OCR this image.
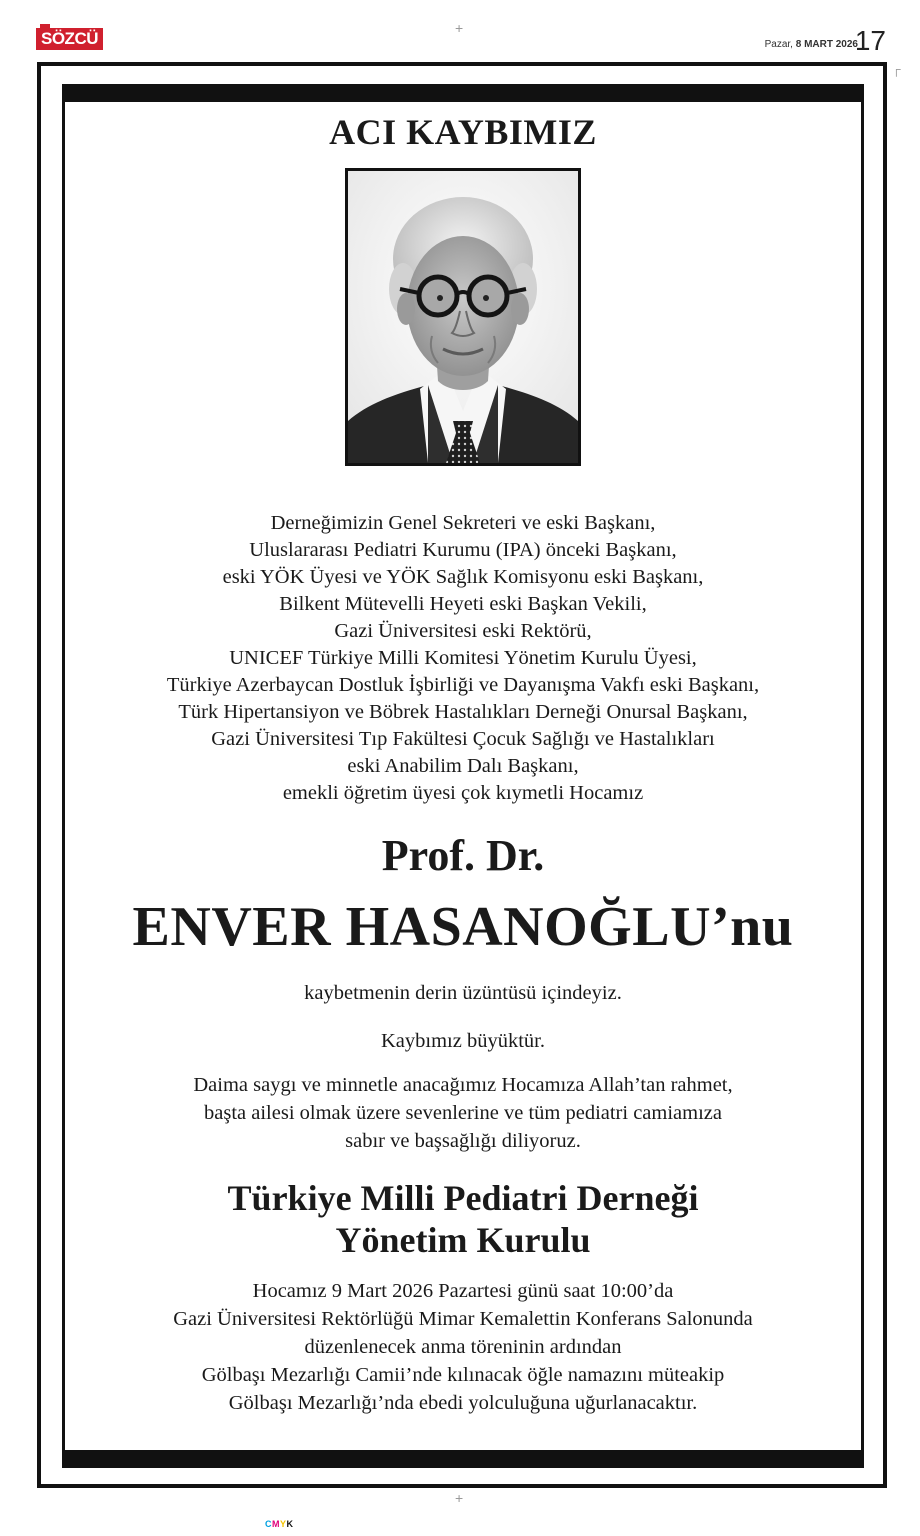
SÖZCÜ	Pazar, 8 MART 2026
17
+
+
┌
ACI KAYBIMIZ
Derneğimizin Genel Sekreteri ve eski Başkanı,
Uluslararası Pediatri Kurumu (IPA) önceki Başkanı,
eski YÖK Üyesi ve YÖK Sağlık Komisyonu eski Başkanı,
Bilkent Mütevelli Heyeti eski Başkan Vekili,
Gazi Üniversitesi eski Rektörü,
UNICEF Türkiye Milli Komitesi Yönetim Kurulu Üyesi,
Türkiye Azerbaycan Dostluk İşbirliği ve Dayanışma Vakfı eski Başkanı,
Türk Hipertansiyon ve Böbrek Hastalıkları Derneği Onursal Başkanı,
Gazi Üniversitesi Tıp Fakültesi Çocuk Sağlığı ve Hastalıkları
eski Anabilim Dalı Başkanı,
emekli öğretim üyesi çok kıymetli Hocamız
Prof. Dr.
ENVER HASANOĞLU’nu
kaybetmenin derin üzüntüsü içindeyiz.
Kaybımız büyüktür.
Daima saygı ve minnetle anacağımız Hocamıza Allah’tan rahmet,
başta ailesi olmak üzere sevenlerine ve tüm pediatri camiamıza
sabır ve başsağlığı diliyoruz.
Türkiye Milli Pediatri Derneği
Yönetim Kurulu
Hocamız 9 Mart 2026 Pazartesi günü saat 10:00’da
Gazi Üniversitesi Rektörlüğü Mimar Kemalettin Konferans Salonunda
düzenlenecek anma töreninin ardından
Gölbaşı Mezarlığı Camii’nde kılınacak öğle namazını müteakip
Gölbaşı Mezarlığı’nda ebedi yolculuğuna uğurlanacaktır.
CMYK
